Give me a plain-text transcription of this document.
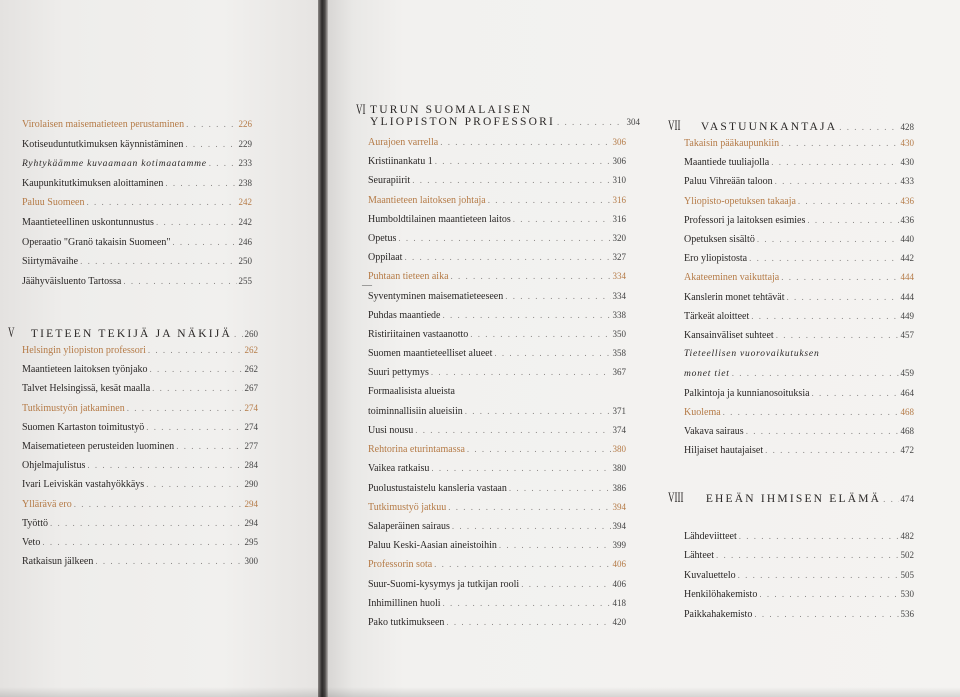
Virolaisen maisematieteen perustaminen . . .	226
Kotiseuduntutkimuksen käynnistäminen . . .	229
Ryhtykäämme kuvaamaan kotimaatamme . . .	233
Kaupunkitutkimuksen aloittaminen . . .	238
Paluu Suomeen . . .	242
Maantieteellinen uskontunnustus . . .	242
Operaatio "Granö takaisin Suomeen" . . .	246
Siirtymävaihe . . .	250
Jäähyväisluento Tartossa . . .	255
V TIETEEN TEKIJÄ JA NÄKIJÄ . . . 260
Helsingin yliopiston professori . . .	262
Maantieteen laitoksen työnjako . . .	262
Talvet Helsingissä, kesät maalla . . .	267
Tutkimustyön jatkaminen . . .	274
Suomen Kartaston toimitustyö . . .	274
Maisematieteen perusteiden luominen . . .	277
Ohjelmajulistus . . .	284
Ivari Leiviskän vastahyökkäys . . .	290
Yllärävä ero . . .	294
Työttö . . .	294
Veto . . .	295
Ratkaisun jälkeen . . .	300
VI TURUN SUOMALAISEN
YLIOPISTON PROFESSORI . . .	304
Aurajoen varrella . . .	306
Kristiinankatu 1 . . .	306
Seurapiirit . . .	310
Maantieteen laitoksen johtaja . . .	316
Humboldtilainen maantieteen laitos . . .	316
Opetus . . .	320
Oppilaat . . .	327
Puhtaan tieteen aika . . .	334
Syventyminen maisematieteeseen . . .	334
Puhdas maantiede . . .	338
Ristiriitainen vastaanotto . . .	350
Suomen maantieteelliset alueet . . .	358
Suuri pettymys . . .	367
Formaalisista alueista
toiminnallisiin alueisiin . . .	371
Uusi nousu . . .	374
Rehtorina eturintamassa . . .	380
Vaikea ratkaisu . . .	380
Puolustustaistelu kansleria vastaan . . .	386
Tutkimustyö jatkuu . . .	394
Salaperäinen sairaus . . .	394
Paluu Keski-Aasian aineistoihin . . .	399
Professorin sota . . .	406
Suur-Suomi-kysymys ja tutkijan rooli . . .	406
Inhimillinen huoli . . .	418
Pako tutkimukseen . . .	420
VII VASTUUNKANTAJA . . .	428
Takaisin pääkaupunkiin . . .	430
Maantiede tuuliajolla . . .	430
Paluu Vihreään taloon . . .	433
Yliopisto-opetuksen takaaja . . .	436
Professori ja laitoksen esimies . . .	436
Opetuksen sisältö . . .	440
Ero yliopistosta . . .	442
Akateeminen vaikuttaja . . .	444
Kanslerin monet tehtävät . . .	444
Tärkeät aloitteet . . .	449
Kansainväliset suhteet . . .	457
Tieteellisen vuorovaikutuksen
monet tiet . . .	459
Palkintoja ja kunnianosoituksia . . .	464
Kuolema . . .	468
Vakava sairaus . . .	468
Hiljaiset hautajaiset . . .	472
VIII EHEÄN IHMISEN ELÄMÄ . . . 474
Lähdeviitteet . . .	482
Lähteet . . .	502
Kuvaluettelo . . .	505
Henkilöhakemisto . . .	530
Paikkahakemisto . . .	536
—
